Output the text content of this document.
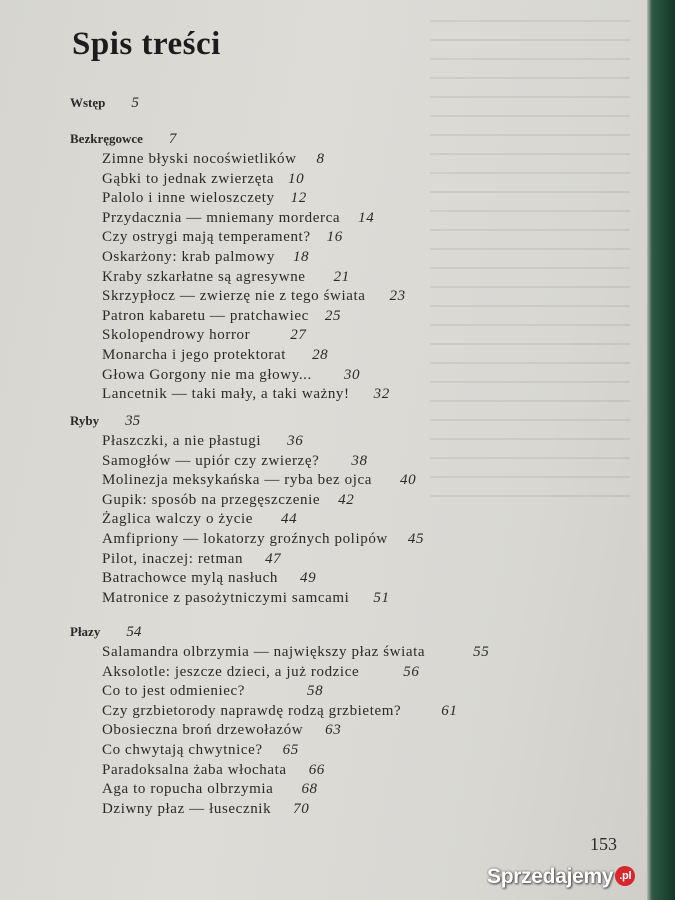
Spis treści
Wstęp 5
Bezkręgowce 7
Zimne błyski nocoświetlików 8
Gąbki to jednak zwierzęta 10
Palolo i inne wieloszczety 12
Przydacznia — mniemany morderca 14
Czy ostrygi mają temperament? 16
Oskarżony: krab palmowy 18
Kraby szkarłatne są agresywne 21
Skrzypłocz — zwierzę nie z tego świata 23
Patron kabaretu — pratchawiec 25
Skolopendrowy horror	27
Monarcha i jego protektorat 28
Głowa Gorgony nie ma głowy... 30
Lancetnik — taki mały, a taki ważny! 32
Ryby 35
Płaszczki, a nie płastugi 36
Samogłów — upiór czy zwierzę? 38
Molinezja meksykańska — ryba bez ojca 40
Gupik: sposób na przegęszczenie 42
Żaglica walczy o życie 44
Amfipriony — lokatorzy groźnych polipów 45
Pilot, inaczej: retman 47
Batrachowce mylą nasłuch 49
Matronice z pasożytniczymi samcami 51
Płazy 54
Salamandra olbrzymia — największy płaz świata	55
Aksolotle: jeszcze dzieci, a już rodzice	56
Co to jest odmieniec?	58
Czy grzbietorody naprawdę rodzą grzbietem?	61
Obosieczna broń drzewołazów 63
Co chwytają chwytnice? 65
Paradoksalna żaba włochata 66
Aga to ropucha olbrzymia 68
Dziwny płaz — łusecznik 70
153
Sprzedajemy .pl
